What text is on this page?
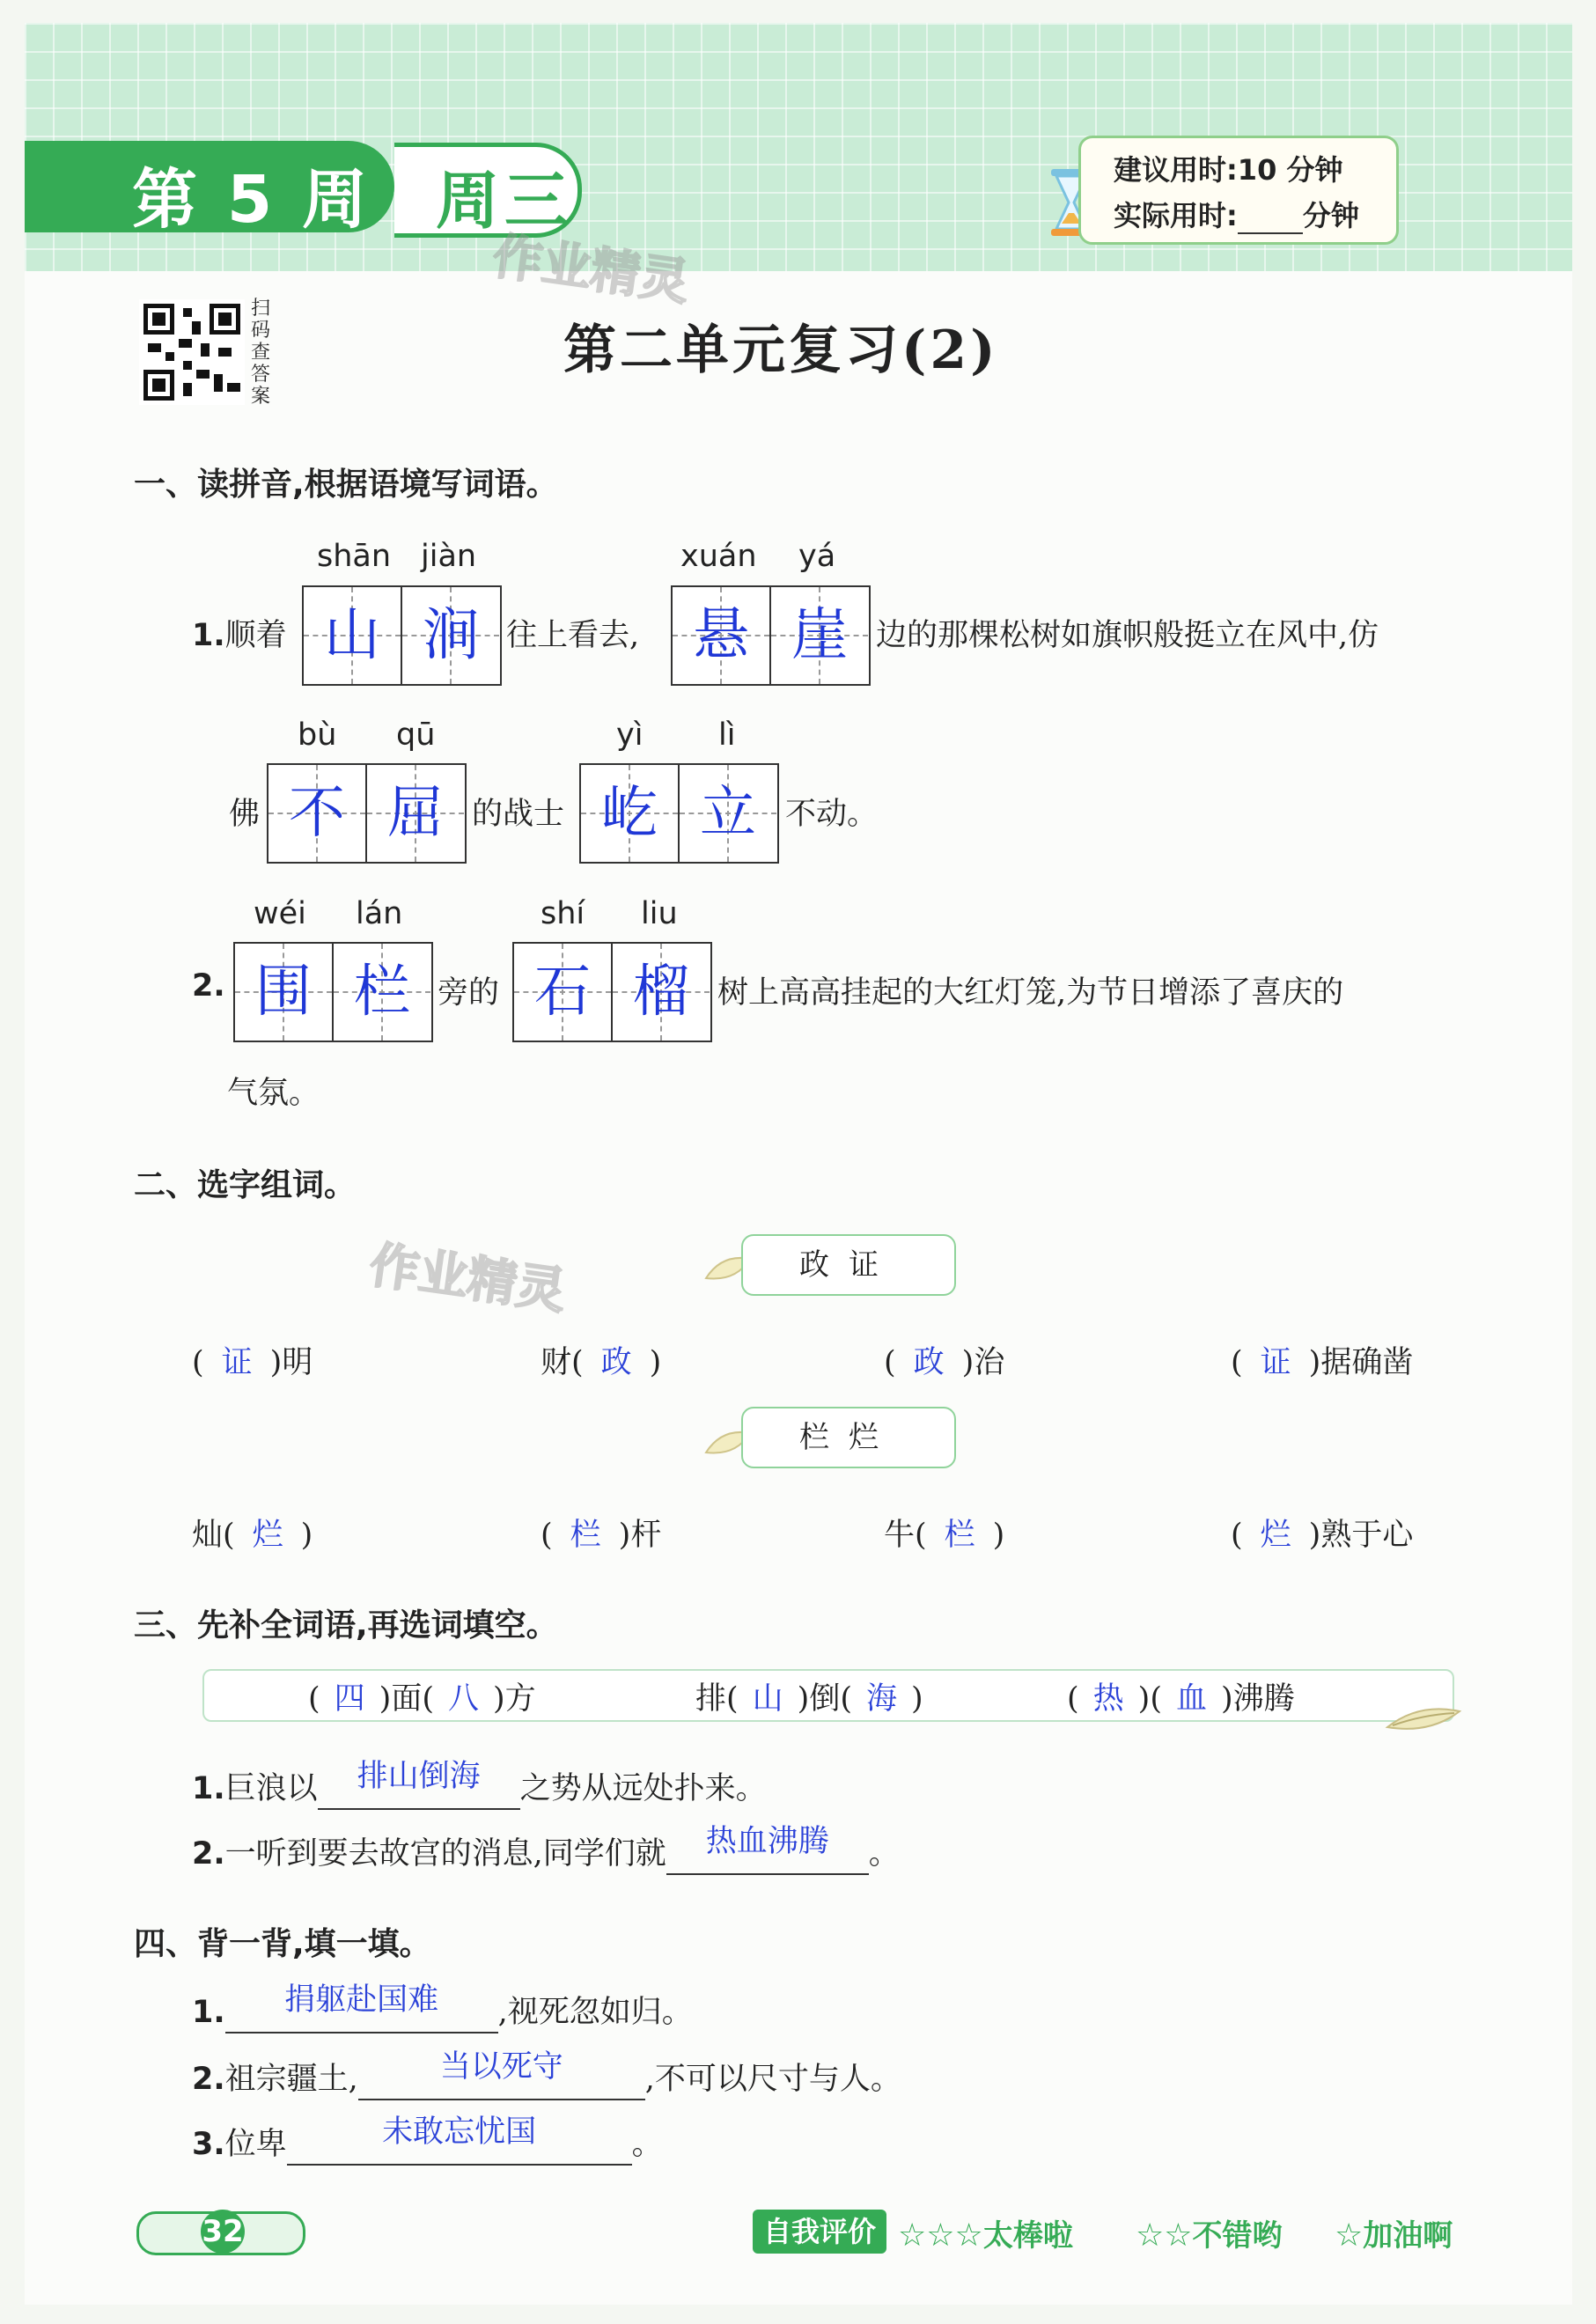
第 5 周 周三	建议用时:10 分钟
实际用时: 分钟
作业精灵
作业精灵
扫码查答案
第二单元复习(2)
一、读拼音,根据语境写词语。
shān jiàn	xuán yá
1.顺着 山 涧 往上看去, 悬 崖 边的那棵松树如旗帜般挺立在风中,仿
bù qū	yì lì
佛 不 屈 的战士 屹 立 不动。
wéi lán	shí liu
2. 围 栏 旁的 石 榴 树上高高挂起的大红灯笼,为节日增添了喜庆的
气氛。
二、选字组词。
政证
( 证 )明	财( 政 )	( 政 )治	( 证 )据确凿
栏烂
灿( 烂 )	( 栏 )杆	牛( 栏 )	( 烂 )熟于心
三、先补全词语,再选词填空。
( 四 )面( 八 )方	排( 山 )倒( 海 )	( 热 )( 血 )沸腾
1.巨浪以 排山倒海 之势从远处扑来。
2.一听到要去故宫的消息,同学们就 热血沸腾 。
四、背一背,填一填。
1. 捐躯赴国难 ,视死忽如归。
2.祖宗疆土,	当以死守	,不可以尺寸与人。
3.位卑	未敢忘忧国	。
32	自我评价 ☆☆☆太棒啦 ☆☆不错哟 ☆加油啊
